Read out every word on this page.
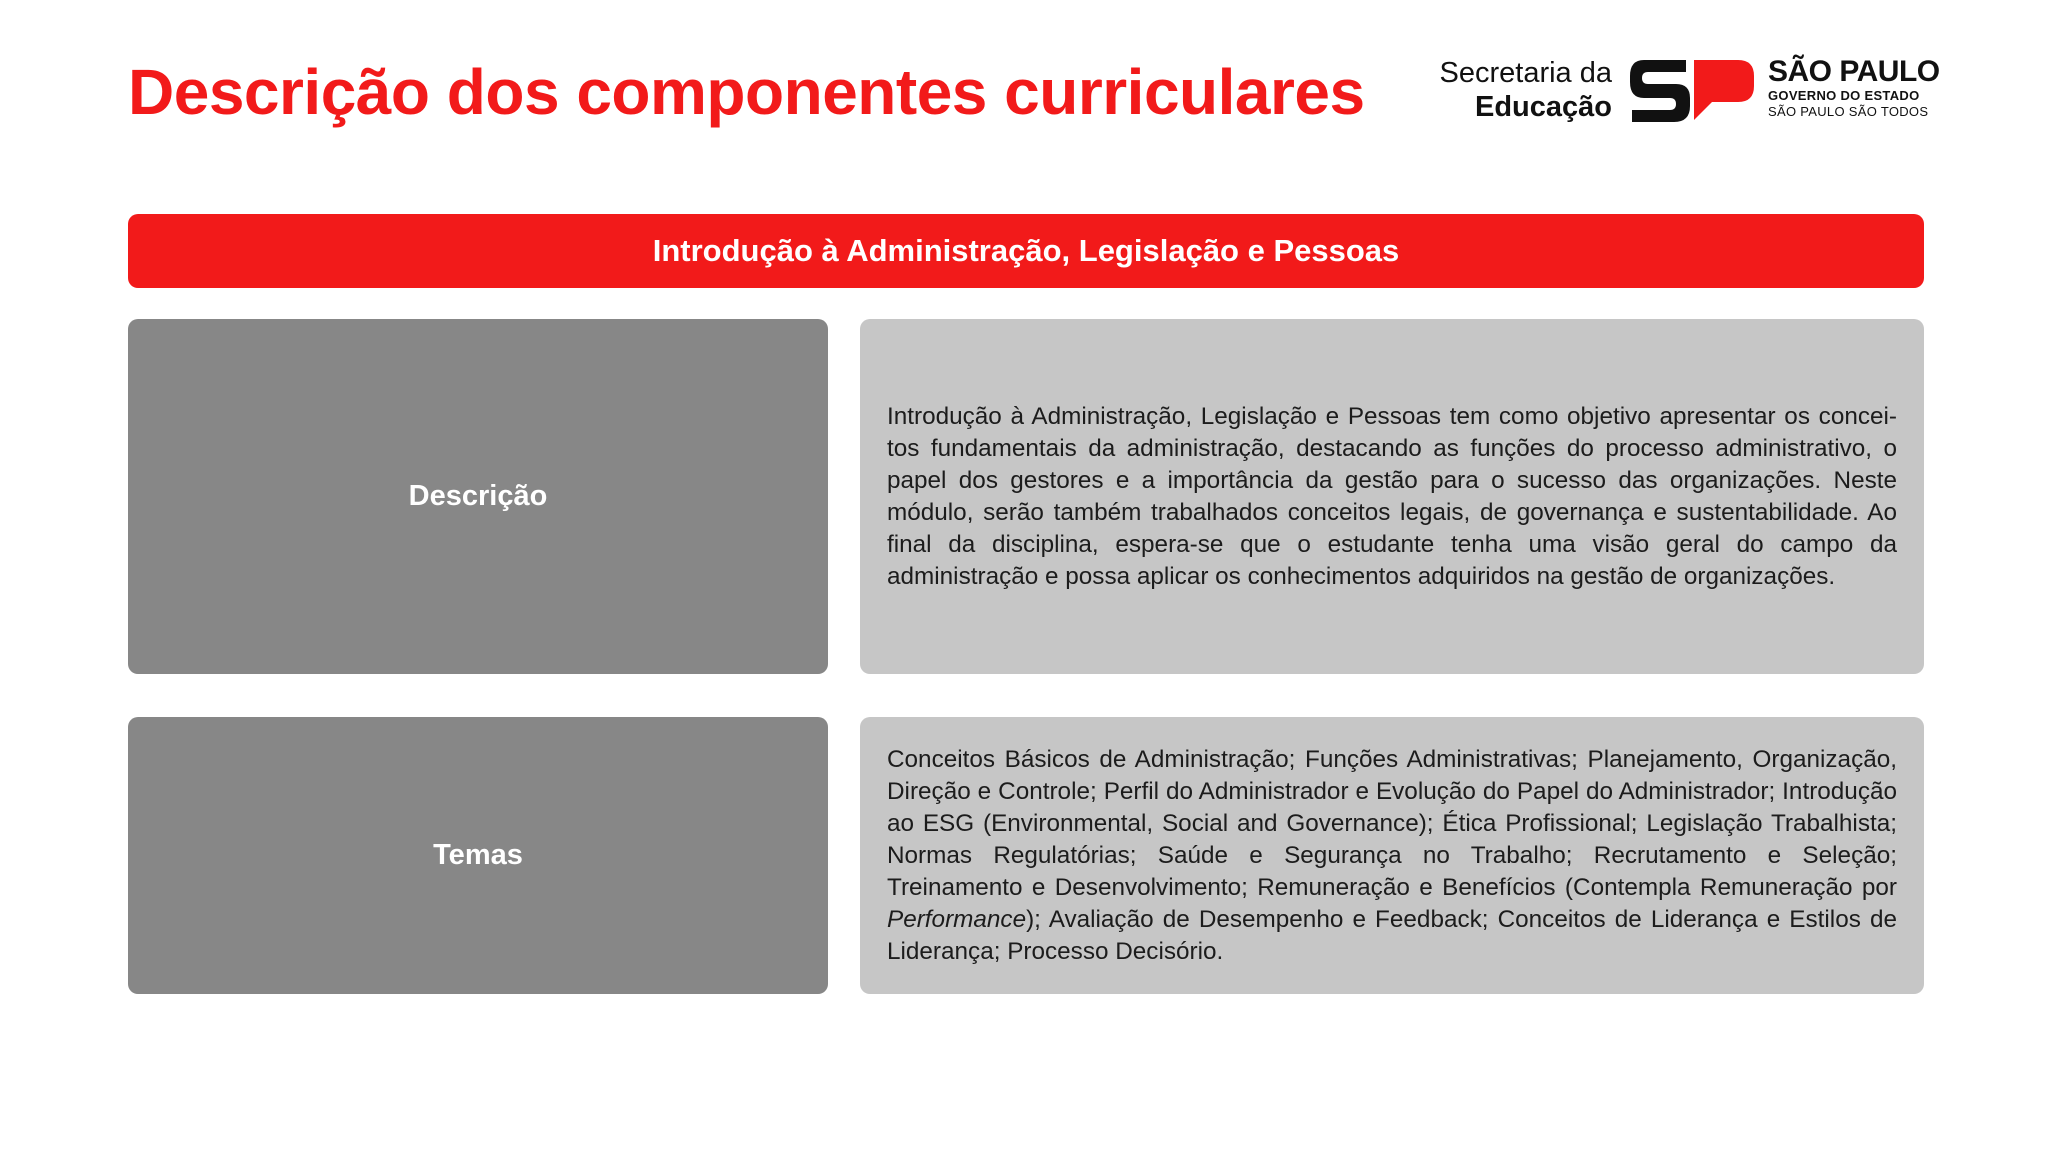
Descrição dos componentes curriculares	Secretaria da
Educação
SÃO PAULO
GOVERNO DO ESTADO
SÃO PAULO SÃO TODOS
Introdução à Administração, Legislação e Pessoas
Descrição

Introdução à Administração, Legislação e Pessoas tem como objetivo apresentar os conceitos fundamentais da administração, destacando as funções do processo administrativo, o papel dos gestores e a importância da gestão para o sucesso das organizações. Neste módulo, serão também trabalhados conceitos legais, de governança e sustentabilidade. Ao final da disciplina, espera-se que o estudante tenha uma visão geral do campo da administração e possa aplicar os conhecimentos adquiridos na gestão de organizações.

Temas

Conceitos Básicos de Administração; Funções Administrativas; Planejamento, Organização, Direção e Controle; Perfil do Administrador e Evolução do Papel do Administrador; Introdução ao ESG (Environmental, Social and Governance); Ética Profissional; Legislação Trabalhista; Normas Regulatórias; Saúde e Segurança no Trabalho; Recrutamento e Seleção; Treinamento e Desenvolvimento; Remuneração e Benefícios (Contempla Remuneração por Performance); Avaliação de Desempenho e Feedback; Conceitos de Liderança e Estilos de Liderança; Processo Decisório.
